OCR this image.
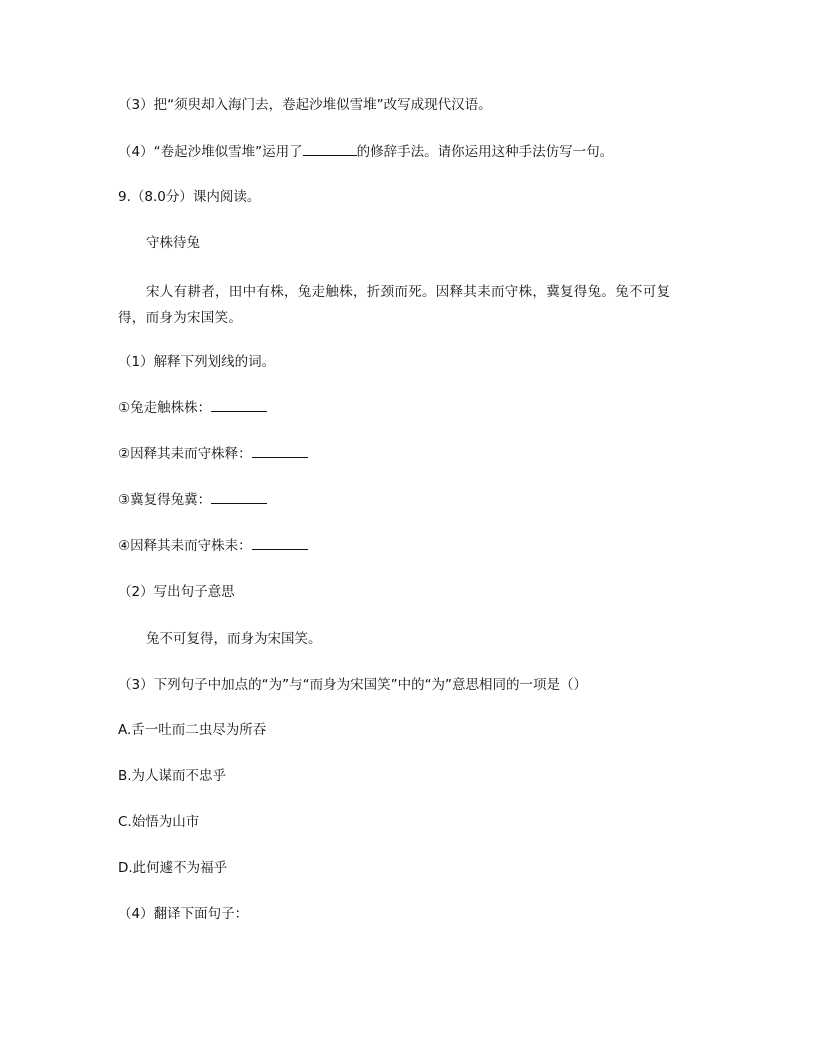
（3）把“须臾却入海门去，卷起沙堆似雪堆”改写成现代汉语。
（4）“卷起沙堆似雪堆”运用了	的修辞手法。请你运用这种手法仿写一句。
9.（8.0分）课内阅读。
守株待兔
宋人有耕者，田中有株，兔走触株，折颈而死。因释其耒而守株，冀复得兔。兔不可复得，而身为宋国笑。
（1）解释下列划线的词。
①兔走触株株：
②因释其耒而守株释：
③冀复得兔冀：
④因释其耒而守株耒：
（2）写出句子意思
兔不可复得，而身为宋国笑。
（3）下列句子中加点的“为”与“而身为宋国笑”中的“为”意思相同的一项是（）
A.舌一吐而二虫尽为所吞
B.为人谋而不忠乎
C.始悟为山市
D.此何遽不为福乎
（4）翻译下面句子：
